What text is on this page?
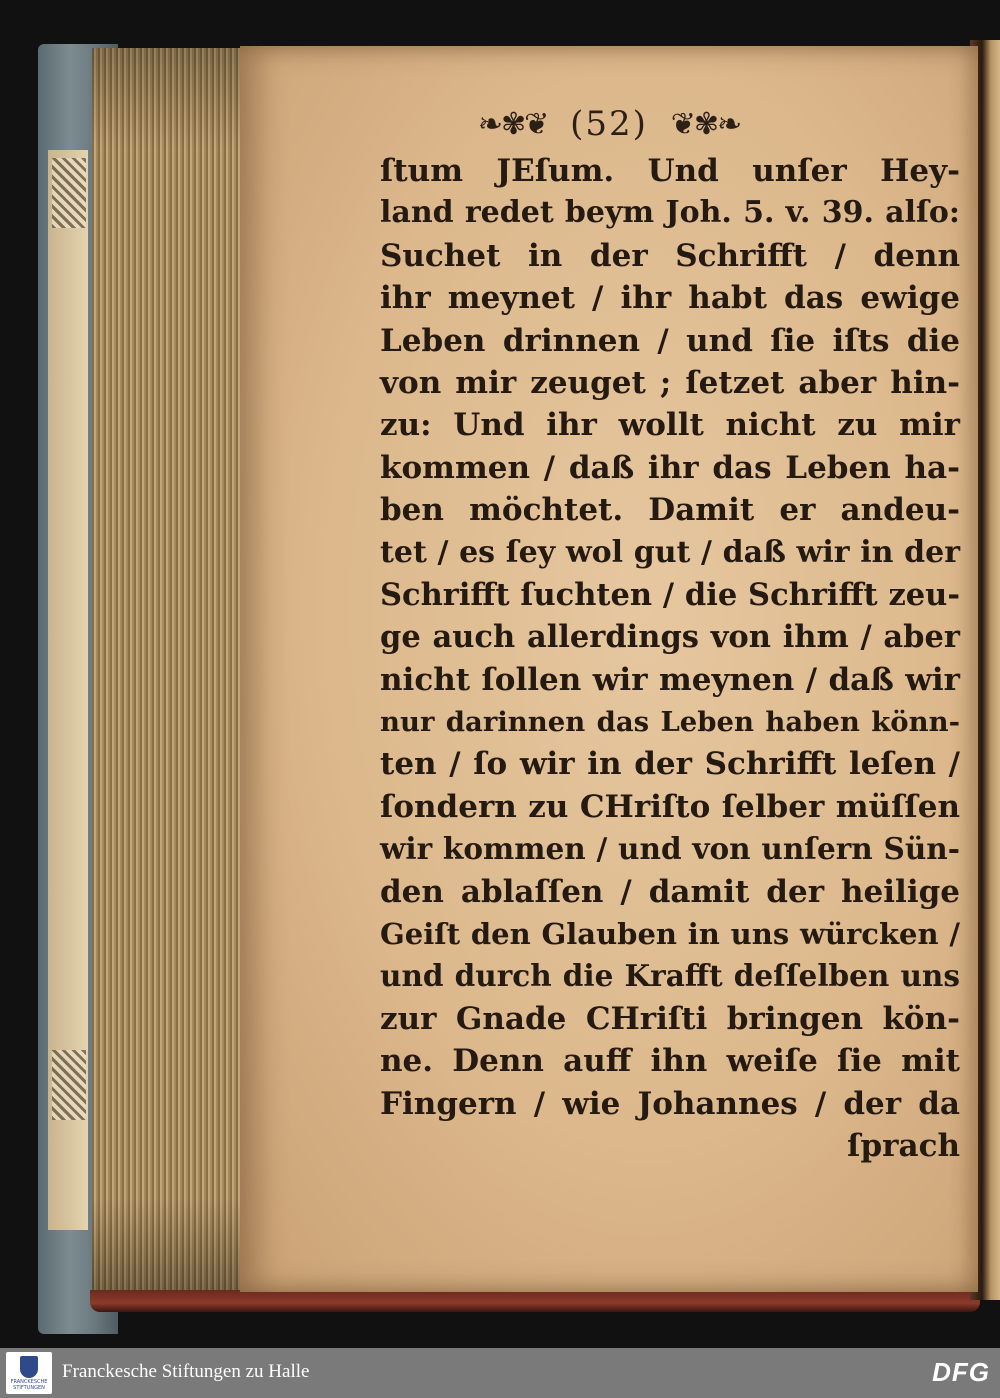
❧✾❦ (52) ❦✾❧
ſtum JEſum. Und unſer Hey-
land redet beym Joh. 5. v. 39. alſo:
Suchet in der Schrifft / denn
ihr meynet / ihr habt das ewige
Leben drinnen / und ſie iſts die
von mir zeuget ; ſetzet aber hin-
zu: Und ihr wollt nicht zu mir
kommen / daß ihr das Leben ha-
ben möchtet. Damit er andeu-
tet / es ſey wol gut / daß wir in der
Schrifft ſuchten / die Schrifft zeu-
ge auch allerdings von ihm / aber
nicht ſollen wir meynen / daß wir
nur darinnen das Leben haben könn-
ten / ſo wir in der Schrifft leſen /
ſondern zu CHriſto ſelber müſſen
wir kommen / und von unſern Sün-
den ablaſſen / damit der heilige
Geiſt den Glauben in uns würcken /
und durch die Krafft deſſelben uns
zur Gnade CHriſti bringen kön-
ne. Denn auff ihn weiſe ſie mit
Fingern / wie Johannes / der da
ſprach
FRANCKESCHE STIFTUNGEN
Franckesche Stiftungen zu Halle	DFG
